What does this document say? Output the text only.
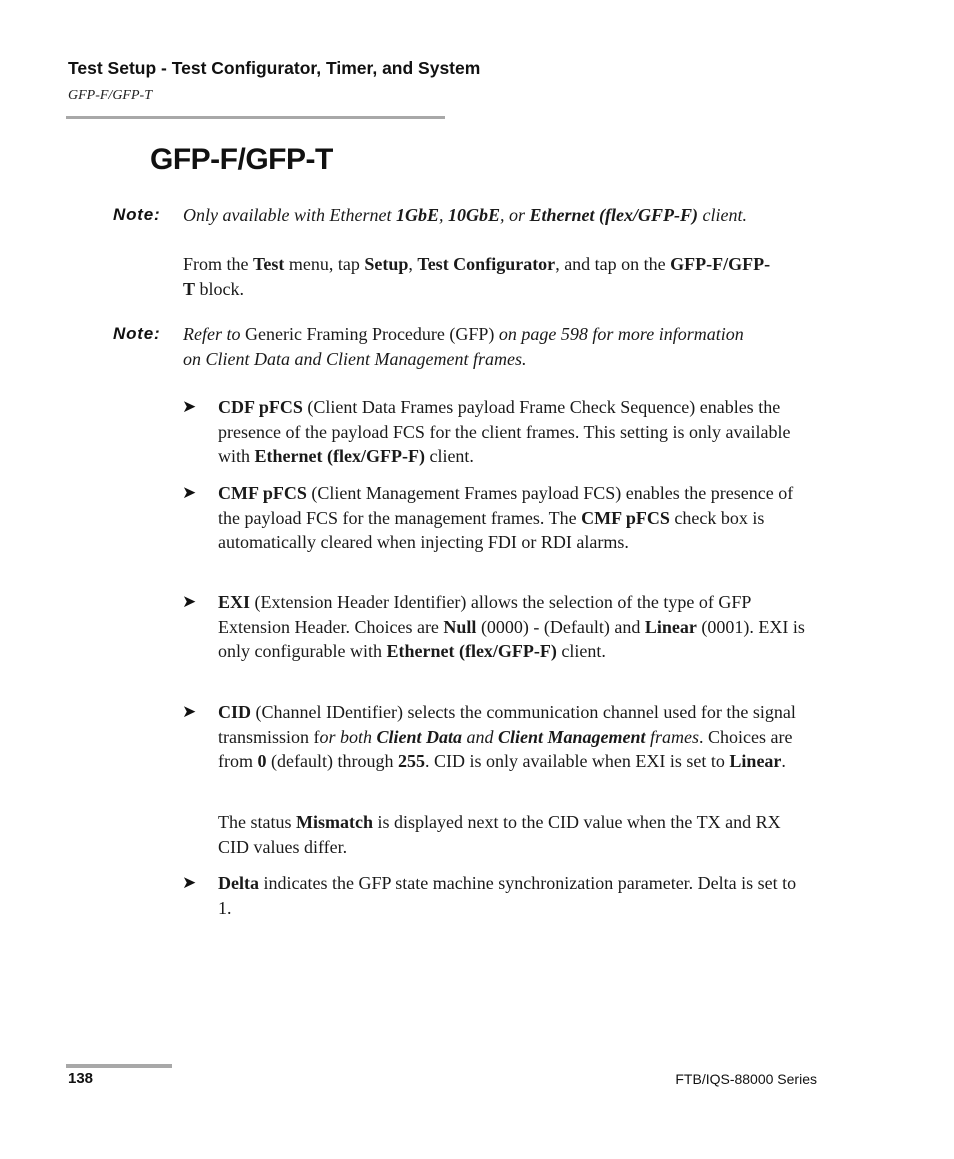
Test Setup - Test Configurator, Timer, and System
GFP-F/GFP-T
GFP-F/GFP-T
Note: Only available with Ethernet 1GbE, 10GbE, or Ethernet (flex/GFP-F) client.
From the Test menu, tap Setup, Test Configurator, and tap on the GFP-F/GFP-T block.
Note: Refer to Generic Framing Procedure (GFP) on page 598 for more information on Client Data and Client Management frames.
➤ CDF pFCS (Client Data Frames payload Frame Check Sequence) enables the presence of the payload FCS for the client frames. This setting is only available with Ethernet (flex/GFP-F) client.
➤ CMF pFCS (Client Management Frames payload FCS) enables the presence of the payload FCS for the management frames. The CMF pFCS check box is automatically cleared when injecting FDI or RDI alarms.
➤ EXI (Extension Header Identifier) allows the selection of the type of GFP Extension Header. Choices are Null (0000) - (Default) and Linear (0001). EXI is only configurable with Ethernet (flex/GFP-F) client.
➤ CID (Channel IDentifier) selects the communication channel used for the signal transmission for both Client Data and Client Management frames. Choices are from 0 (default) through 255. CID is only available when EXI is set to Linear.
The status Mismatch is displayed next to the CID value when the TX and RX CID values differ.
➤ Delta indicates the GFP state machine synchronization parameter. Delta is set to 1.
138	FTB/IQS-88000 Series
